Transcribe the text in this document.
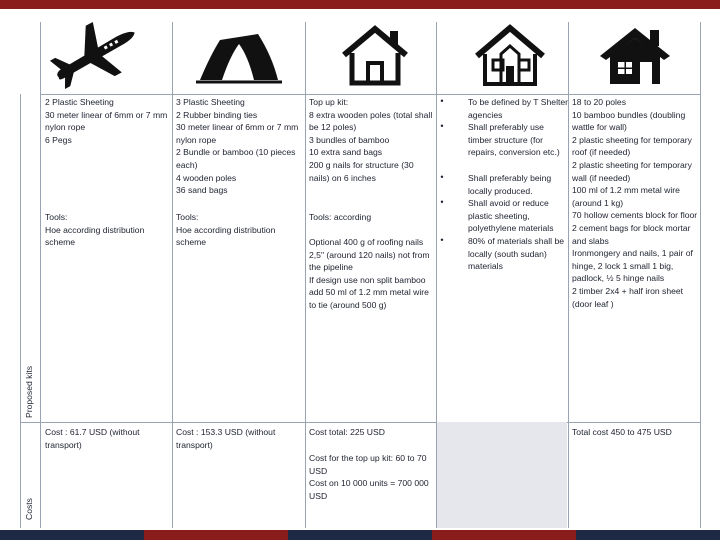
Proposed kits
Costs
2 Plastic Sheeting
30 meter linear of 6mm or 7 mm nylon rope
6 Pegs
Tools:
Hoe according distribution scheme
Cost : 61.7 USD (without transport)
3 Plastic Sheeting
2 Rubber binding ties
30 meter linear of 6mm or 7 mm nylon rope
2 Bundle or bamboo (10 pieces each)
4 wooden poles
36 sand bags
Tools:
Hoe according distribution scheme
Cost : 153.3 USD (without transport)
Top up kit:
8 extra wooden poles (total shall be 12 poles)
3 bundles of bamboo
10 extra sand bags
200 g nails for structure (30 nails) on 6 inches
Tools: according
Optional 400 g of roofing nails 2,5" (around 120 nails) not from the pipeline
If design use non split bamboo add 50 ml of 1.2 mm metal wire to tie (around 500 g)
Cost total: 225 USD
Cost for the top up kit: 60 to 70 USD
Cost on 10 000 units = 700 000 USD
•
•
•
•
•
To be defined by T Shelter agencies
Shall preferably use timber structure (for repairs, conversion etc.)
Shall preferably being locally produced.
Shall avoid or reduce plastic sheeting, polyethylene materials
80% of materials shall be locally (south sudan) materials
18 to 20 poles
10 bamboo bundles (doubling wattle for wall)
2 plastic sheeting for temporary roof (if needed)
2 plastic sheeting for temporary wall (if needed)
100 ml of 1.2 mm metal wire (around 1 kg)
70 hollow cements block for floor
2 cement bags for block mortar and slabs
Ironmongery and nails, 1 pair of hinge, 2 lock 1 small 1 big, padlock, ½ 5 hinge nails
2 timber 2x4 + half iron sheet (door leaf )
Total cost 450 to 475 USD
